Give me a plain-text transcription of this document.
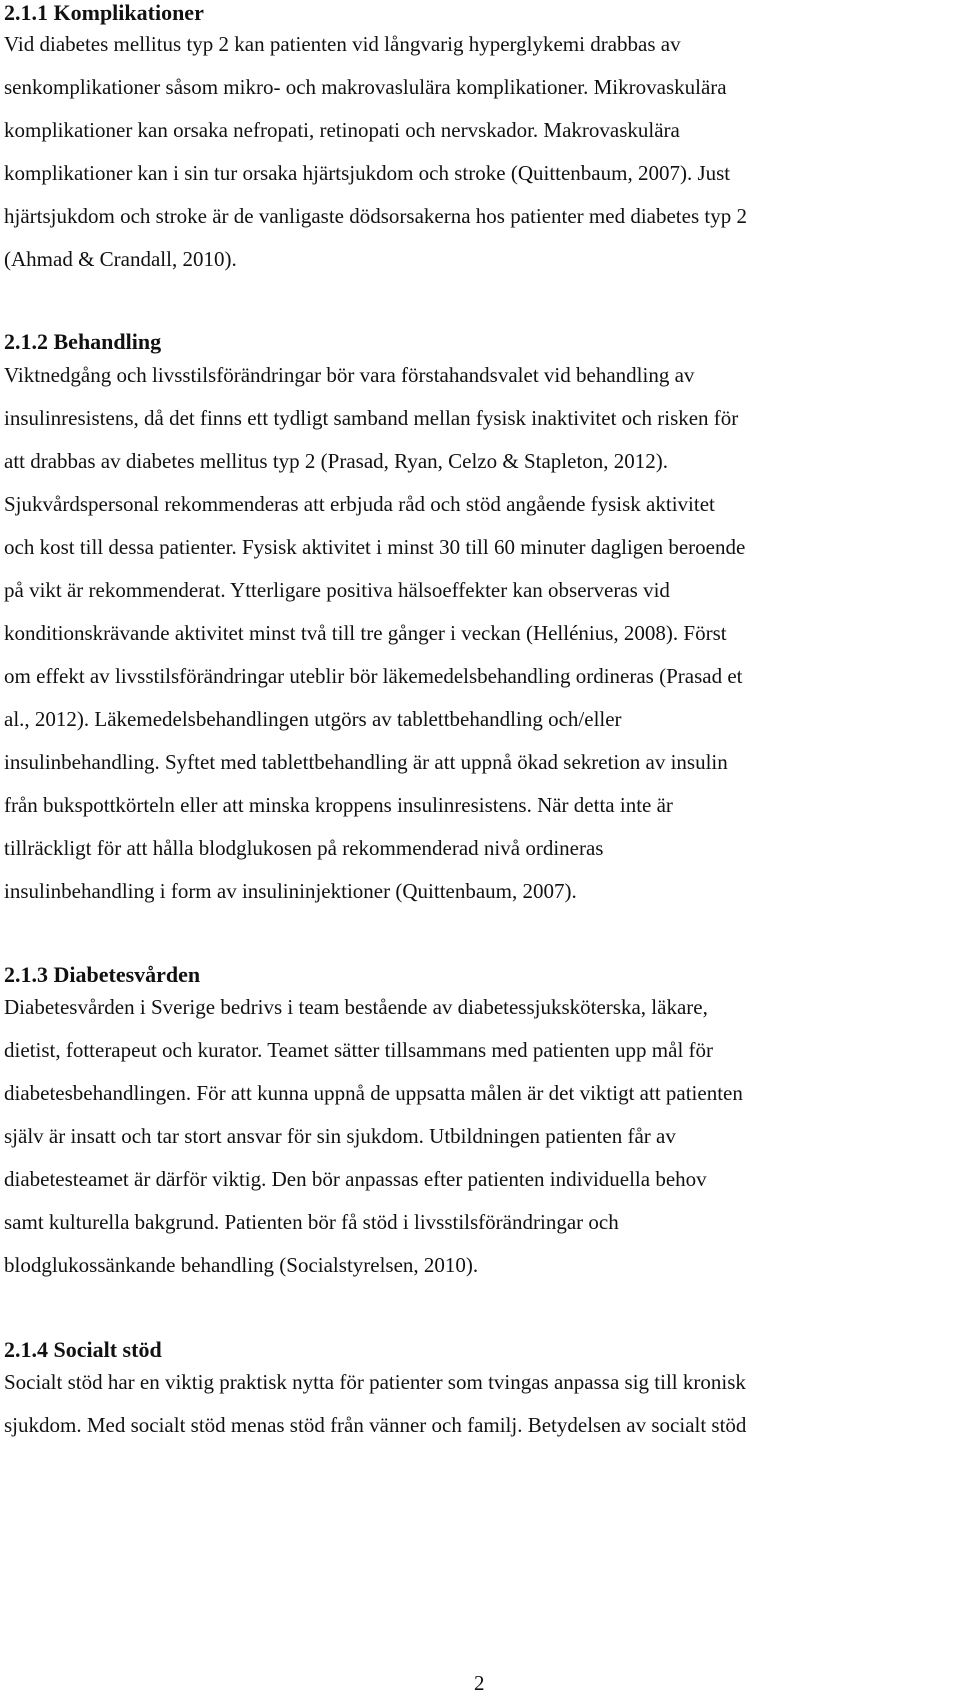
2.1.1 Komplikationer
Vid diabetes mellitus typ 2 kan patienten vid långvarig hyperglykemi drabbas av
senkomplikationer såsom mikro- och makrovaslulära komplikationer. Mikrovaskulära
komplikationer kan orsaka nefropati, retinopati och nervskador. Makrovaskulära
komplikationer kan i sin tur orsaka hjärtsjukdom och stroke (Quittenbaum, 2007). Just
hjärtsjukdom och stroke är de vanligaste dödsorsakerna hos patienter med diabetes typ 2
(Ahmad & Crandall, 2010).
2.1.2 Behandling
Viktnedgång och livsstilsförändringar bör vara förstahandsvalet vid behandling av
insulinresistens, då det finns ett tydligt samband mellan fysisk inaktivitet och risken för
att drabbas av diabetes mellitus typ 2 (Prasad, Ryan, Celzo & Stapleton, 2012).
Sjukvårdspersonal rekommenderas att erbjuda råd och stöd angående fysisk aktivitet
och kost till dessa patienter. Fysisk aktivitet i minst 30 till 60 minuter dagligen beroende
på vikt är rekommenderat. Ytterligare positiva hälsoeffekter kan observeras vid
konditionskrävande aktivitet minst två till tre gånger i veckan (Hellénius, 2008). Först
om effekt av livsstilsförändringar uteblir bör läkemedelsbehandling ordineras (Prasad et
al., 2012). Läkemedelsbehandlingen utgörs av tablettbehandling och/eller
insulinbehandling. Syftet med tablettbehandling är att uppnå ökad sekretion av insulin
från bukspottkörteln eller att minska kroppens insulinresistens. När detta inte är
tillräckligt för att hålla blodglukosen på rekommenderad nivå ordineras
insulinbehandling i form av insulininjektioner (Quittenbaum, 2007).
2.1.3 Diabetesvården
Diabetesvården i Sverige bedrivs i team bestående av diabetessjuksköterska, läkare,
dietist, fotterapeut och kurator. Teamet sätter tillsammans med patienten upp mål för
diabetesbehandlingen. För att kunna uppnå de uppsatta målen är det viktigt att patienten
själv är insatt och tar stort ansvar för sin sjukdom. Utbildningen patienten får av
diabetesteamet är därför viktig. Den bör anpassas efter patienten individuella behov
samt kulturella bakgrund. Patienten bör få stöd i livsstilsförändringar och
blodglukossänkande behandling (Socialstyrelsen, 2010).
2.1.4 Socialt stöd
Socialt stöd har en viktig praktisk nytta för patienter som tvingas anpassa sig till kronisk
sjukdom. Med socialt stöd menas stöd från vänner och familj. Betydelsen av socialt stöd
2
